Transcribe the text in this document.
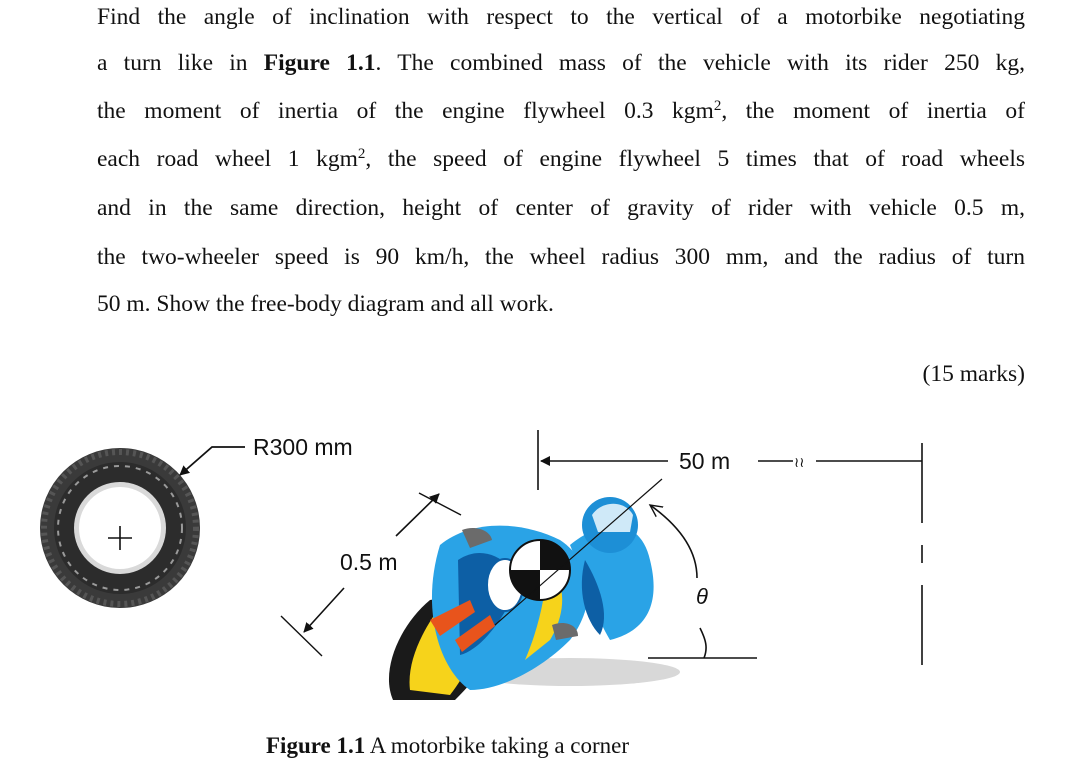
Find the angle of inclination with respect to the vertical of a motorbike negotiating
a turn like in Figure 1.1. The combined mass of the vehicle with its rider 250 kg,
the moment of inertia of the engine flywheel 0.3 kgm$^2$, the moment of inertia of
each road wheel 1 kgm$^2$, the speed of engine flywheel 5 times that of road wheels
and in the same direction, height of center of gravity of rider with vehicle 0.5 m,
the two-wheeler speed is 90 km/h, the wheel radius 300 mm, and the radius of turn
50 m. Show the free-body diagram and all work.
(15 marks)
R300 mm
0.5 m
50 m	≀≀
θ
Figure 1.1 A motorbike taking a corner
